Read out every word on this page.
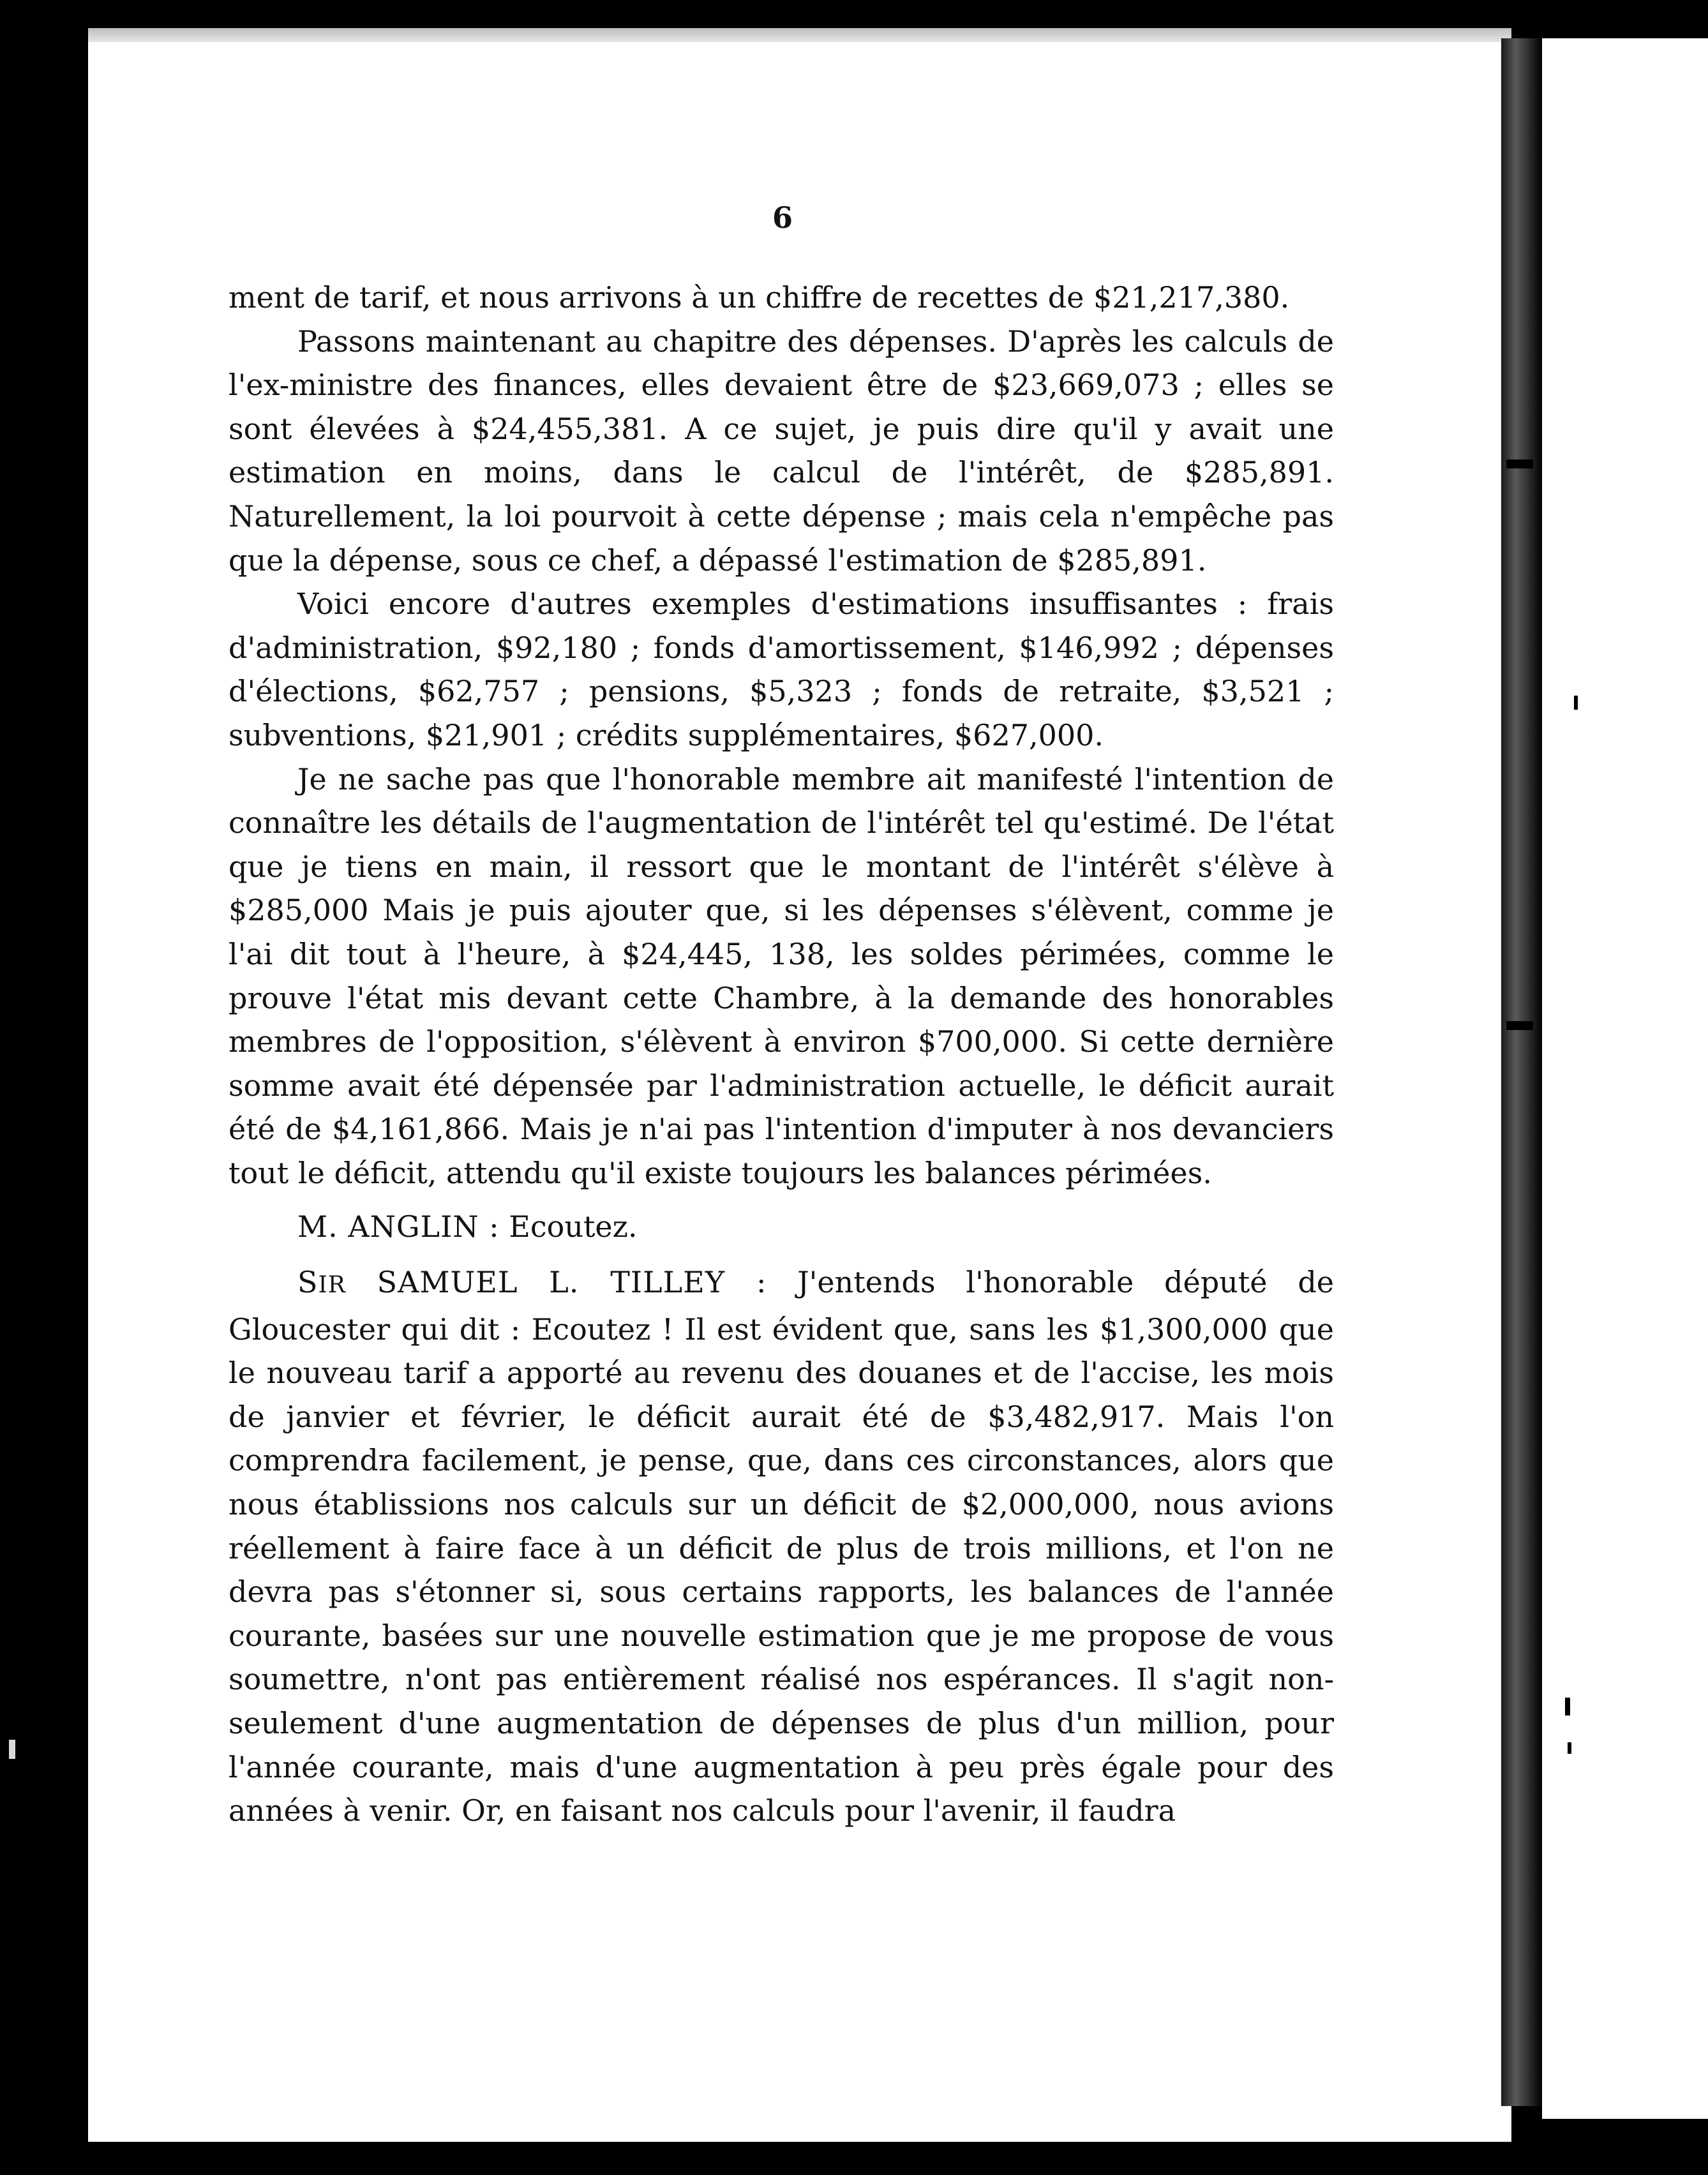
6

ment de tarif, et nous arrivons à un chiffre de recettes de $21,217,380.

Passons maintenant au chapitre des dépenses. D'après les calculs de l'ex-ministre des finances, elles devaient être de $23,669,073 ; elles se sont élevées à $24,455,381. A ce sujet, je puis dire qu'il y avait une estimation en moins, dans le calcul de l'intérêt, de $285,891. Naturellement, la loi pourvoit à cette dépense ; mais cela n'empêche pas que la dépense, sous ce chef, a dépassé l'estimation de $285,891.

Voici encore d'autres exemples d'estimations insuffisantes : frais d'administration, $92,180 ; fonds d'amortissement, $146,992 ; dépenses d'élections, $62,757 ; pensions, $5,323 ; fonds de retraite, $3,521 ; subventions, $21,901 ; crédits supplémentaires, $627,000.

Je ne sache pas que l'honorable membre ait manifesté l'intention de connaître les détails de l'augmentation de l'intérêt tel qu'estimé. De l'état que je tiens en main, il ressort que le montant de l'intérêt s'élève à $285,000 Mais je puis ajouter que, si les dépenses s'élèvent, comme je l'ai dit tout à l'heure, à $24,445, 138, les soldes périmées, comme le prouve l'état mis devant cette Chambre, à la demande des honorables membres de l'opposition, s'élèvent à environ $700,000. Si cette dernière somme avait été dépensée par l'administration actuelle, le déficit aurait été de $4,161,866. Mais je n'ai pas l'intention d'imputer à nos devanciers tout le déficit, attendu qu'il existe toujours les balances périmées.

M. ANGLIN : Ecoutez.

SIR SAMUEL L. TILLEY : J'entends l'honorable député de Gloucester qui dit : Ecoutez ! Il est évident que, sans les $1,300,000 que le nouveau tarif a apporté au revenu des douanes et de l'accise, les mois de janvier et février, le déficit aurait été de $3,482,917. Mais l'on comprendra facilement, je pense, que, dans ces circonstances, alors que nous établissions nos calculs sur un déficit de $2,000,000, nous avions réellement à faire face à un déficit de plus de trois millions, et l'on ne devra pas s'étonner si, sous certains rapports, les balances de l'année courante, basées sur une nouvelle estimation que je me propose de vous soumettre, n'ont pas entièrement réalisé nos espérances. Il s'agit non-seulement d'une augmentation de dépenses de plus d'un million, pour l'année courante, mais d'une augmentation à peu près égale pour des années à venir. Or, en faisant nos calculs pour l'avenir, il faudra
